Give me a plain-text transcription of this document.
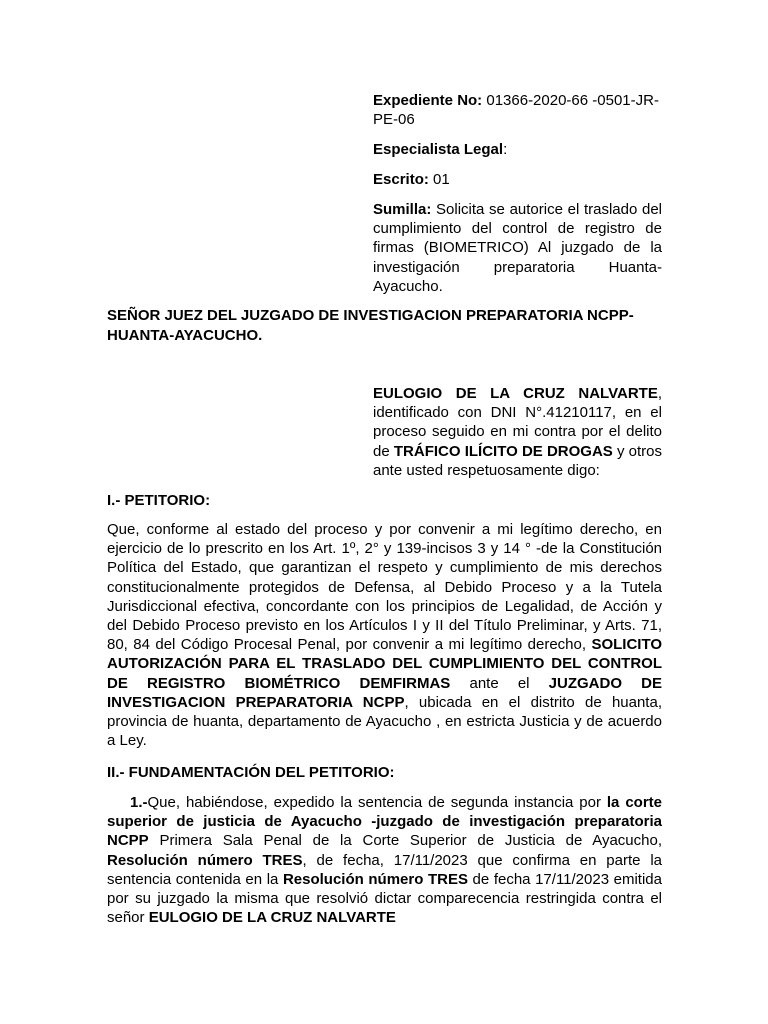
Expediente No: 01366-2020-66 -0501-JR-PE-06

Especialista Legal:

Escrito: 01

Sumilla: Solicita se autorice el traslado del cumplimiento del control de registro de firmas (BIOMETRICO) Al juzgado de la investigación preparatoria Huanta-Ayacucho.

SEÑOR JUEZ DEL JUZGADO DE INVESTIGACION PREPARATORIA NCPP-HUANTA-AYACUCHO.

EULOGIO DE LA CRUZ NALVARTE, identificado con DNI N°.41210117, en el proceso seguido en mi contra por el delito de TRÁFICO ILÍCITO DE DROGAS y otros ante usted respetuosamente digo:

I.- PETITORIO:

Que, conforme al estado del proceso y por convenir a mi legítimo derecho, en ejercicio de lo prescrito en los Art. 1º, 2° y 139-incisos 3 y 14 ° -de la Constitución Política del Estado, que garantizan el respeto y cumplimiento de mis derechos constitucionalmente protegidos de Defensa, al Debido Proceso y a la Tutela Jurisdiccional efectiva, concordante con los principios de Legalidad, de Acción y del Debido Proceso previsto en los Artículos I y II del Título Preliminar, y Arts. 71, 80, 84 del Código Procesal Penal, por convenir a mi legítimo derecho, SOLICITO AUTORIZACIÓN PARA EL TRASLADO DEL CUMPLIMIENTO DEL CONTROL DE REGISTRO BIOMÉTRICO DEMFIRMAS ante el JUZGADO DE INVESTIGACION PREPARATORIA NCPP, ubicada en el distrito de huanta, provincia de huanta, departamento de Ayacucho , en estricta Justicia y de acuerdo a Ley.

II.- FUNDAMENTACIÓN DEL PETITORIO:

1.-Que, habiéndose, expedido la sentencia de segunda instancia por la corte superior de justicia de Ayacucho -juzgado de investigación preparatoria NCPP Primera Sala Penal de la Corte Superior de Justicia de Ayacucho, Resolución número TRES, de fecha, 17/11/2023 que confirma en parte la sentencia contenida en la Resolución número TRES de fecha 17/11/2023 emitida por su juzgado la misma que resolvió dictar comparecencia restringida contra el señor EULOGIO DE LA CRUZ NALVARTE
